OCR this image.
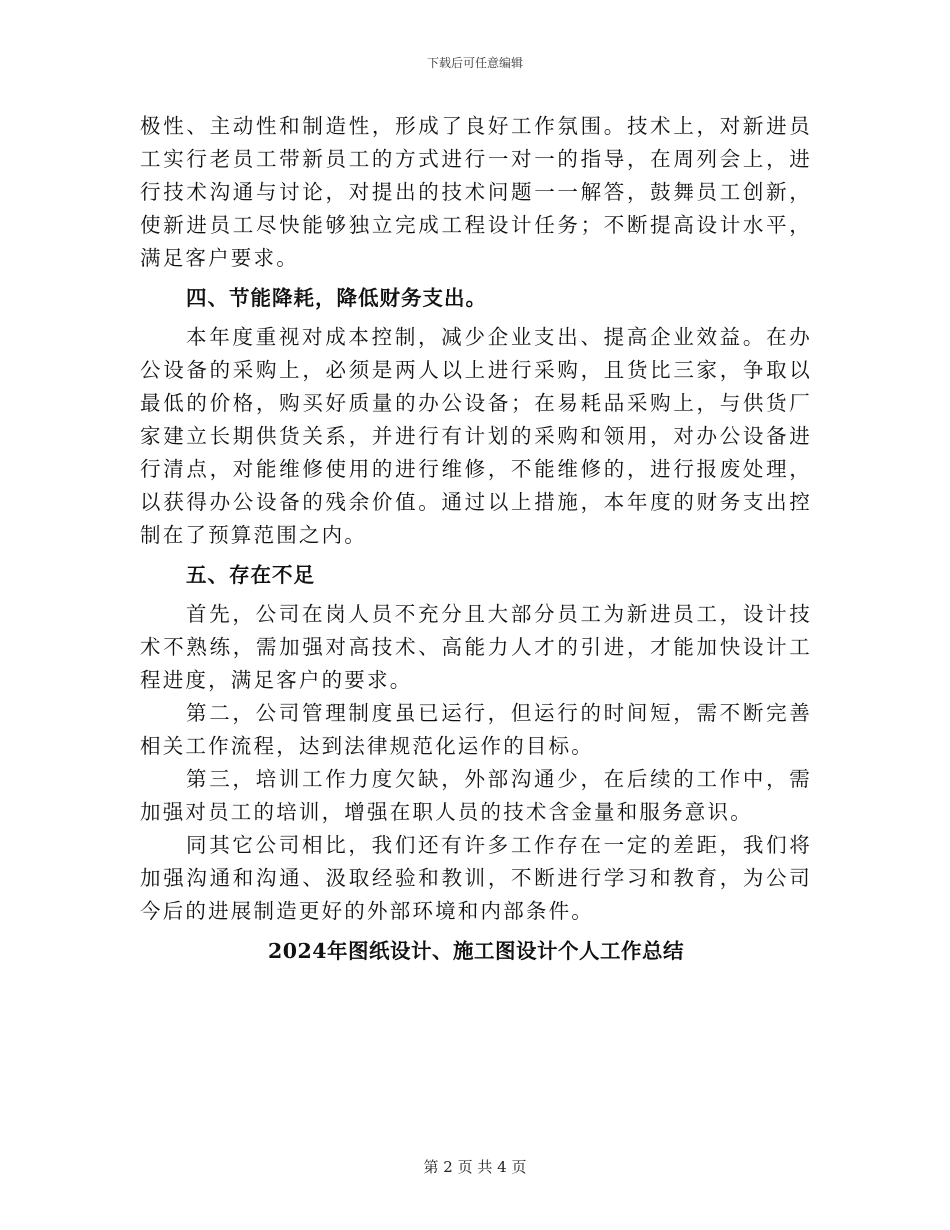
下载后可任意编辑

极性、主动性和制造性，形成了良好工作氛围。技术上，对新进员工实行老员工带新员工的方式进行一对一的指导，在周列会上，进行技术沟通与讨论，对提出的技术问题一一解答，鼓舞员工创新，使新进员工尽快能够独立完成工程设计任务；不断提高设计水平，满足客户要求。

四、节能降耗，降低财务支出。

本年度重视对成本控制，减少企业支出、提高企业效益。在办公设备的采购上，必须是两人以上进行采购，且货比三家，争取以最低的价格，购买好质量的办公设备；在易耗品采购上，与供货厂家建立长期供货关系，并进行有计划的采购和领用，对办公设备进行清点，对能维修使用的进行维修，不能维修的，进行报废处理，以获得办公设备的残余价值。通过以上措施，本年度的财务支出控制在了预算范围之内。

五、存在不足

首先，公司在岗人员不充分且大部分员工为新进员工，设计技术不熟练，需加强对高技术、高能力人才的引进，才能加快设计工程进度，满足客户的要求。

第二，公司管理制度虽已运行，但运行的时间短，需不断完善相关工作流程，达到法律规范化运作的目标。

第三，培训工作力度欠缺，外部沟通少，在后续的工作中，需加强对员工的培训，增强在职人员的技术含金量和服务意识。

同其它公司相比，我们还有许多工作存在一定的差距，我们将加强沟通和沟通、汲取经验和教训，不断进行学习和教育，为公司今后的进展制造更好的外部环境和内部条件。

2024年图纸设计、施工图设计个人工作总结

第 2 页 共 4 页
